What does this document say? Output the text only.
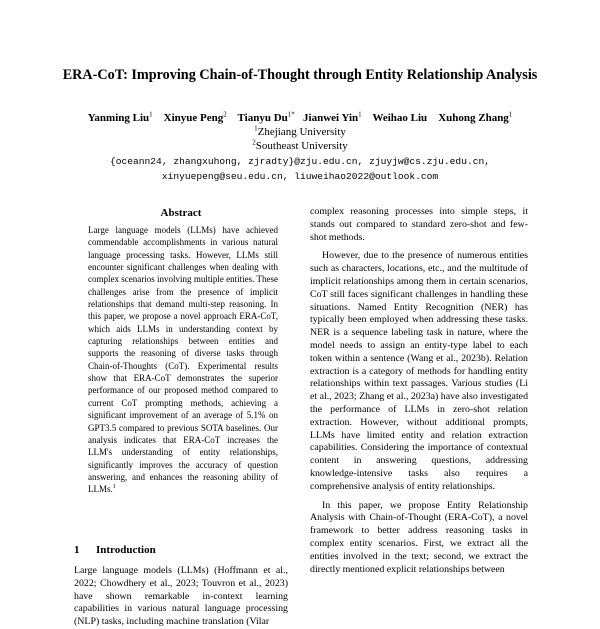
ERA-CoT: Improving Chain-of-Thought through Entity Relationship Analysis
Yanming Liu$^1$ Xinyue Peng$^2$ Tianyu $Du^{1*}$ Jianwei Yin$^1$ Weihao Liu Xuhong Zhang$^1$
$^1$Zhejiang University
$^2$Southeast University
{oceann24, zhangxuhong, zjradty}@zju.edu.cn, zjuyjw@cs.zju.edu.cn,
xinyuepeng@seu.edu.cn, liuweihao2022@outlook.com
Abstract
Large language models (LLMs) have achieved commendable accomplishments in various natural language processing tasks. However, LLMs still encounter significant challenges when dealing with complex scenarios involving multiple entities. These challenges arise from the presence of implicit relationships that demand multi-step reasoning. In this paper, we propose a novel approach ERA-CoT, which aids LLMs in understanding context by capturing relationships between entities and supports the reasoning of diverse tasks through Chain-of-Thoughts (CoT). Experimental results show that ERA-CoT demonstrates the superior performance of our proposed method compared to current CoT prompting methods, achieving a significant improvement of an average of 5.1% on GPT3.5 compared to previous SOTA baselines. Our analysis indicates that ERA-CoT increases the LLM's understanding of entity relationships, significantly improves the accuracy of question answering, and enhances the reasoning ability of LLMs.$^1$
1 Introduction
Large language models (LLMs) (Hoffmann et al., 2022; Chowdhery et al., 2023; Touvron et al., 2023) have shown remarkable in-context learning capabilities in various natural language processing (NLP) tasks, including machine translation (Vilar

complex reasoning processes into simple steps, it stands out compared to standard zero-shot and few-shot methods.

However, due to the presence of numerous entities such as characters, locations, etc., and the multitude of implicit relationships among them in certain scenarios, CoT still faces significant challenges in handling these situations. Named Entity Recognition (NER) has typically been employed when addressing these tasks. NER is a sequence labeling task in nature, where the model needs to assign an entity-type label to each token within a sentence (Wang et al., 2023b). Relation extraction is a category of methods for handling entity relationships within text passages. Various studies (Li et al., 2023; Zhang et al., 2023a) have also investigated the performance of LLMs in zero-shot relation extraction. However, without additional prompts, LLMs have limited entity and relation extraction capabilities. Considering the importance of contextual content in answering questions, addressing knowledge-intensive tasks also requires a comprehensive analysis of entity relationships.

In this paper, we propose Entity Relationship Analysis with Chain-of-Thought (ERA-CoT), a novel framework to better address reasoning tasks in complex entity scenarios. First, we extract all the entities involved in the text; second, we extract the directly mentioned explicit relationships between
